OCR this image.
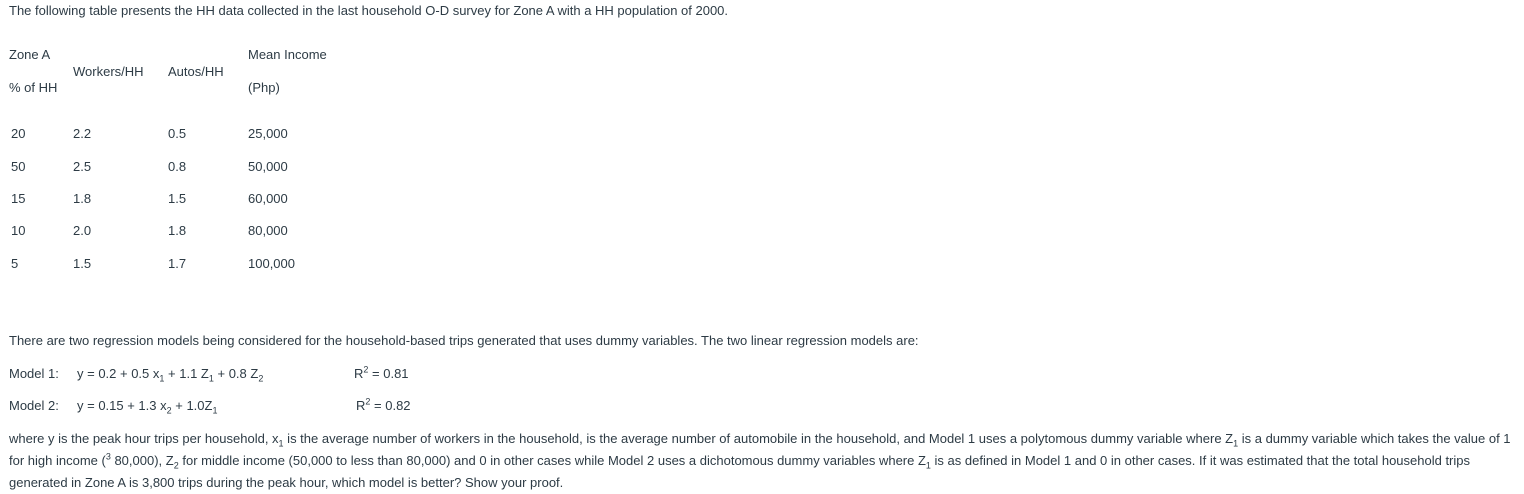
The following table presents the HH data collected in the last household O-D survey for Zone A with a HH population of 2000.
Zone A
% of HH
Workers/HH Autos/HH
Mean Income
(Php)
20	2.2	0.5	25,000
50	2.5	0.8	50,000
15	1.8	1.5	60,000
10	2.0	1.8	80,000
5	1.5	1.7	100,000
There are two regression models being considered for the household-based trips generated that uses dummy variables. The two linear regression models are:
Model 1: y = 0.2 + 0.5 $x_1 + 1.1$ $Z_1 + 0.8$ $Z_2$	$R^2 = 0.81$
Model 2: y = 0.15 + 1.3 $x_2 + 1.0Z_1$	$R^2 = 0.82$
where y is the peak hour trips per household, $x_1$ is the average number of workers in the household, is the average number of automobile in the household, and Model 1 uses a polytomous dummy variable where $Z_1$ is a dummy variable which takes the value of 1 for high income ($^3$ 80,000), $Z_2$ for middle income (50,000 to less than 80,000) and 0 in other cases while Model 2 uses a dichotomous dummy variables where $Z_1$ is as defined in Model 1 and 0 in other cases. If it was estimated that the total household trips generated in Zone A is 3,800 trips during the peak hour, which model is better? Show your proof.
